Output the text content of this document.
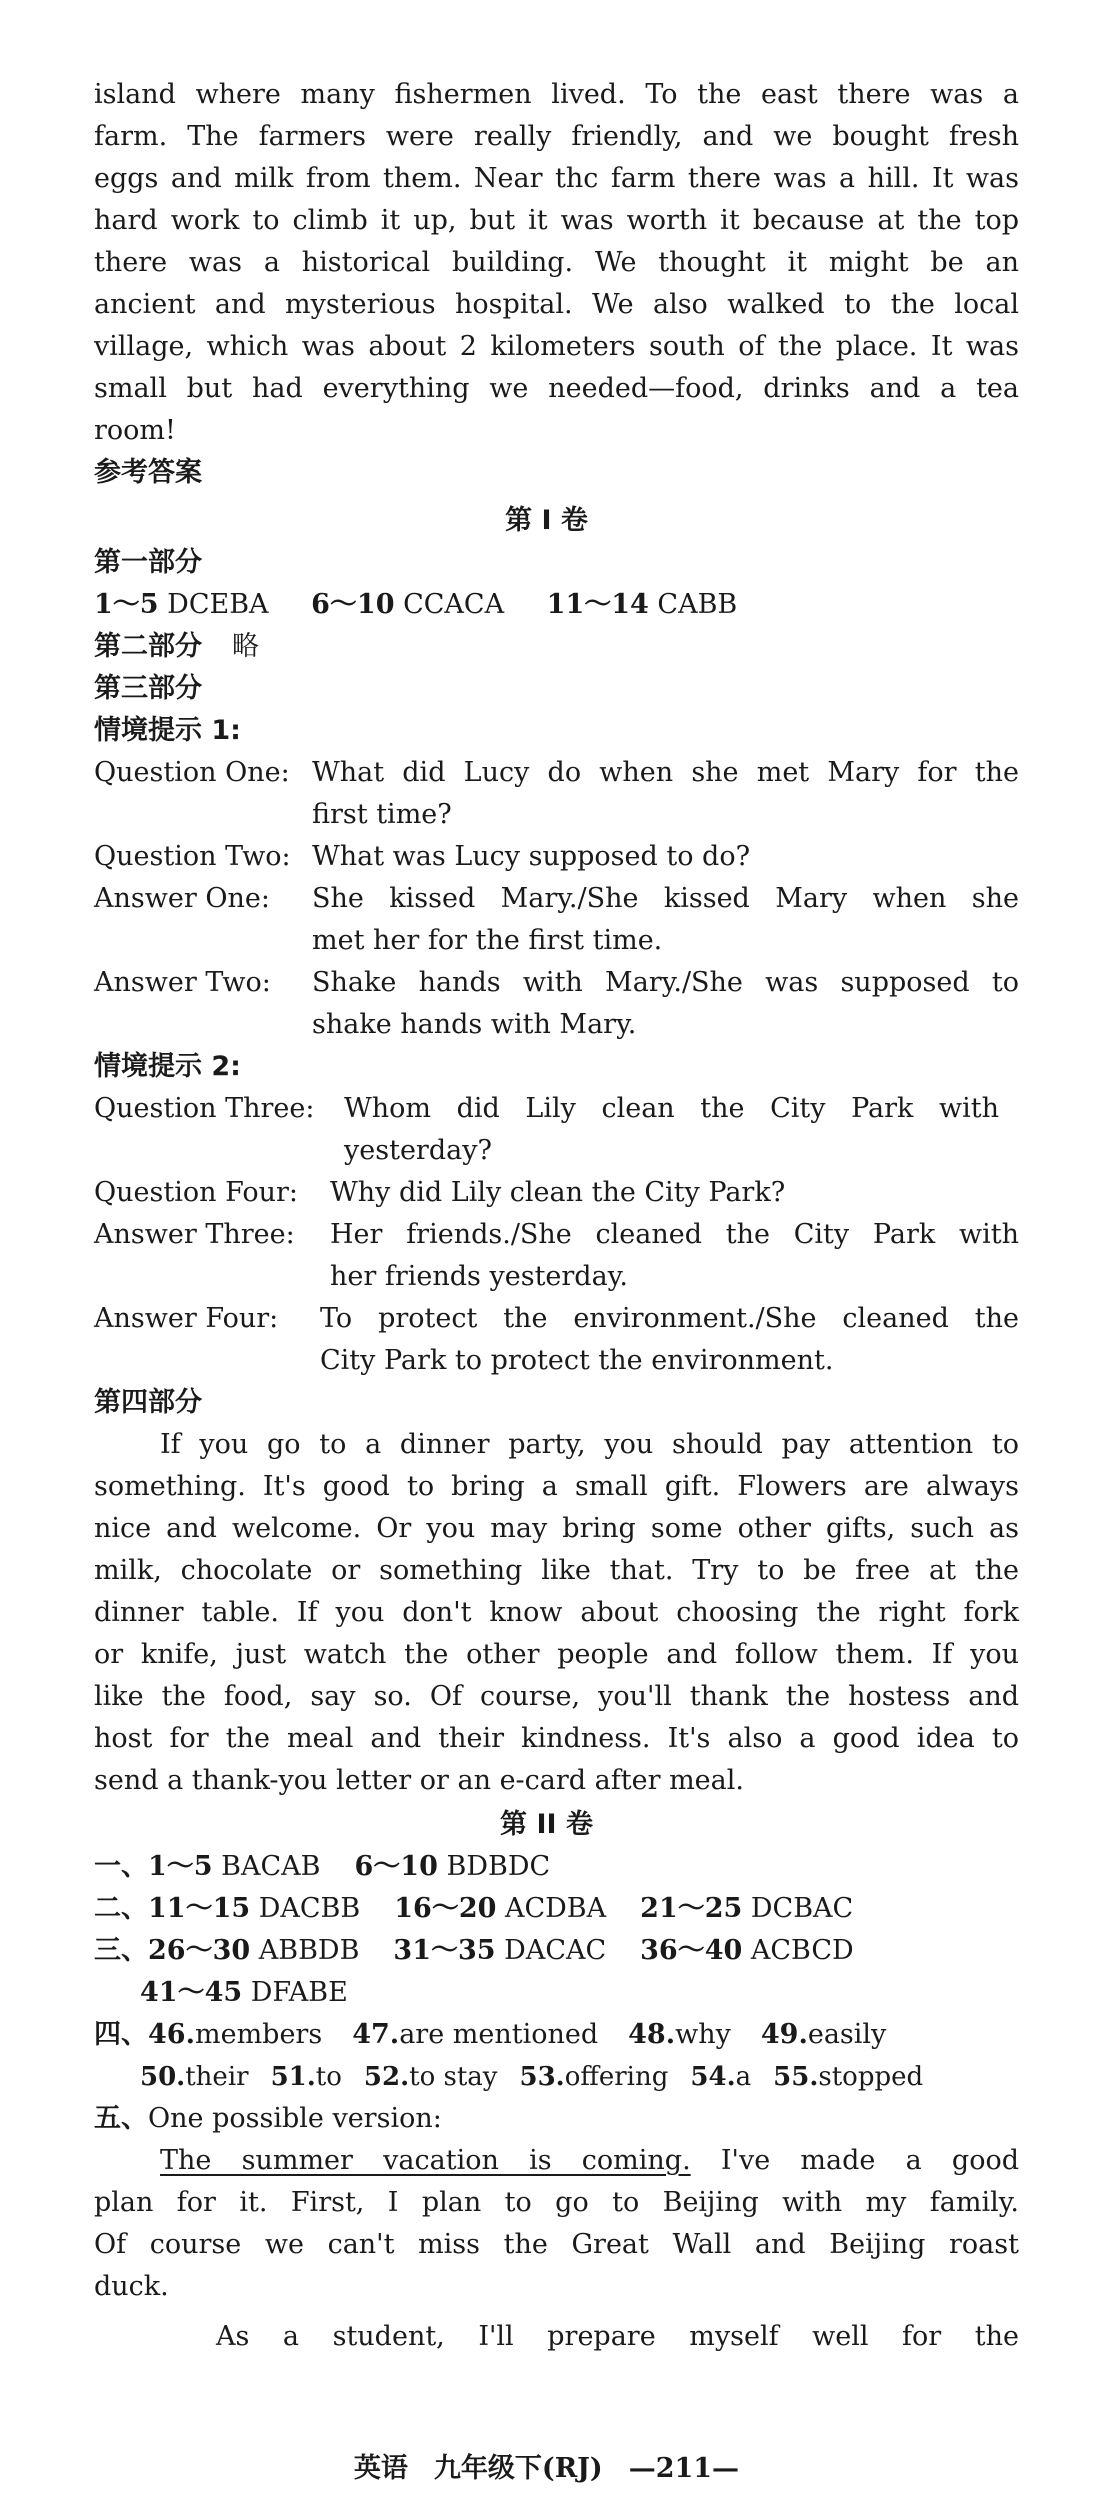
island where many fishermen lived. To the east there was a
farm. The farmers were really friendly, and we bought fresh
eggs and milk from them. Near thc farm there was a hill. It was
hard work to climb it up, but it was worth it because at the top
there was a historical building. We thought it might be an
ancient and mysterious hospital. We also walked to the local
village, which was about 2 kilometers south of the place. It was
small but had everything we needed—food, drinks and a tea
room!
参考答案
第 I 卷
第一部分
1～5 DCEBA 6～10 CCACA 11～14 CABB
第二部分 略
第三部分
情境提示 1:
Question One: What did Lucy do when she met Mary for the
first time?
Question Two: What was Lucy supposed to do?
Answer One: She kissed Mary./She kissed Mary when she
met her for the first time.
Answer Two: Shake hands with Mary./She was supposed to
shake hands with Mary.
情境提示 2:
Question Three: Whom did Lily clean the City Park with
yesterday?
Question Four: Why did Lily clean the City Park?
Answer Three: Her friends./She cleaned the City Park with
her friends yesterday.
Answer Four: To protect the environment./She cleaned the
City Park to protect the environment.
第四部分
If you go to a dinner party, you should pay attention to
something. It's good to bring a small gift. Flowers are always
nice and welcome. Or you may bring some other gifts, such as
milk, chocolate or something like that. Try to be free at the
dinner table. If you don't know about choosing the right fork
or knife, just watch the other people and follow them. If you
like the food, say so. Of course, you'll thank the hostess and
host for the meal and their kindness. It's also a good idea to
send a thank-you letter or an e-card after meal.
第 II 卷
一、1～5 BACAB 6～10 BDBDC
二、11～15 DACBB 16～20 ACDBA 21～25 DCBAC
三、26～30 ABBDB 31～35 DACAC 36～40 ACBCD
41～45 DFABE
四、46.members 47.are mentioned 48.why 49.easily
50.their 51.to 52.to stay 53.offering 54.a 55.stopped
五、One possible version:
The summer vacation is coming. I've made a good
plan for it. First, I plan to go to Beijing with my family.
Of course we can't miss the Great Wall and Beijing roast
duck.
As a student, I'll prepare myself well for the
英语 九年级下(RJ) —211—
